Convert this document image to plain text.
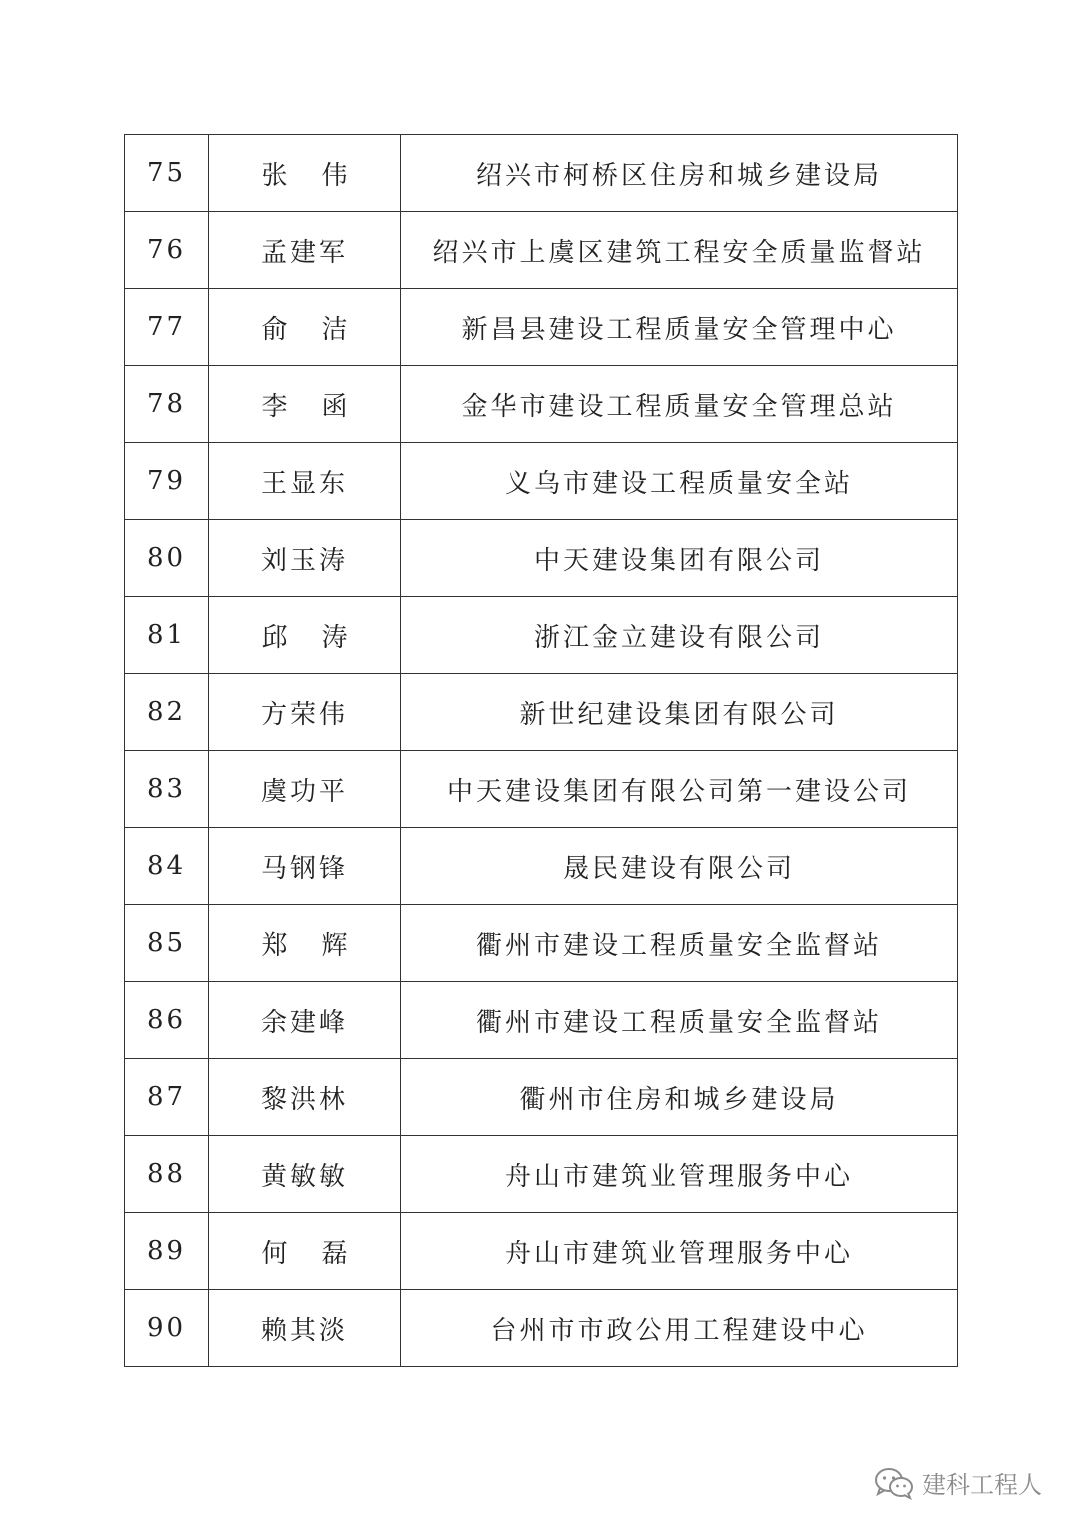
75	张 伟	绍兴市柯桥区住房和城乡建设局
76	孟建军	绍兴市上虞区建筑工程安全质量监督站
77	俞 洁	新昌县建设工程质量安全管理中心
78	李 函	金华市建设工程质量安全管理总站
79	王显东	义乌市建设工程质量安全站
80	刘玉涛	中天建设集团有限公司
81	邱 涛	浙江金立建设有限公司
82	方荣伟	新世纪建设集团有限公司
83	虞功平	中天建设集团有限公司第一建设公司
84	马钢锋	晟民建设有限公司
85	郑 辉	衢州市建设工程质量安全监督站
86	余建峰	衢州市建设工程质量安全监督站
87	黎洪林	衢州市住房和城乡建设局
88	黄敏敏	舟山市建筑业管理服务中心
89	何 磊	舟山市建筑业管理服务中心
90	赖其淡	台州市市政公用工程建设中心
建科工程人
